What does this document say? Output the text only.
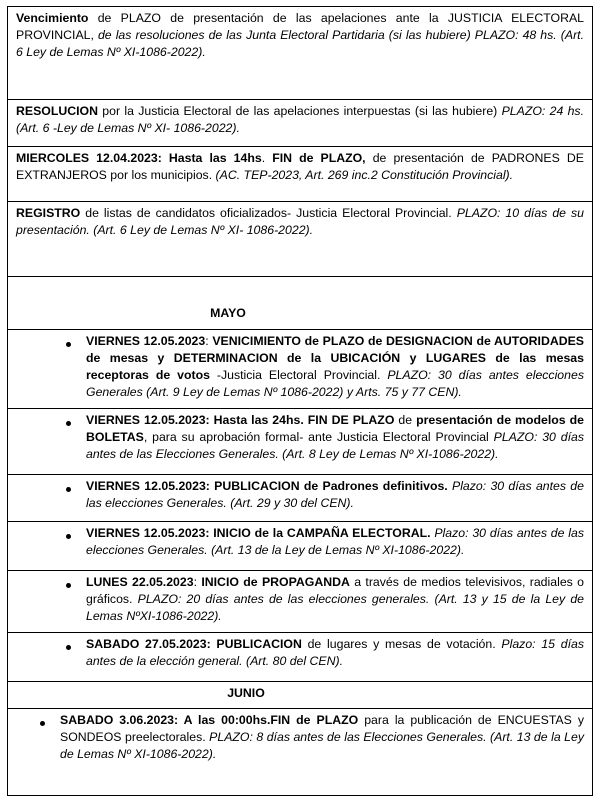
Vencimiento de PLAZO de presentación de las apelaciones ante la JUSTICIA ELECTORAL PROVINCIAL, de las resoluciones de las Junta Electoral Partidaria (si las hubiere) PLAZO: 48 hs. (Art. 6 Ley de Lemas Nº XI-1086-2022).
RESOLUCION por la Justicia Electoral de las apelaciones interpuestas (si las hubiere) PLAZO: 24 hs. (Art. 6 -Ley de Lemas Nº XI- 1086-2022).
MIERCOLES 12.04.2023: Hasta las 14hs. FIN de PLAZO, de presentación de PADRONES DE EXTRANJEROS por los municipios. (AC. TEP-2023, Art. 269 inc.2 Constitución Provincial).
REGISTRO de listas de candidatos oficializados- Justicia Electoral Provincial. PLAZO: 10 días de su presentación. (Art. 6 Ley de Lemas Nº XI- 1086-2022).
MAYO
VIERNES 12.05.2023: VENICIMIENTO de PLAZO de DESIGNACION de AUTORIDADES de mesas y DETERMINACION de la UBICACIÓN y LUGARES de las mesas receptoras de votos -Justicia Electoral Provincial. PLAZO: 30 días antes elecciones Generales (Art. 9 Ley de Lemas Nº 1086-2022) y Arts. 75 y 77 CEN).
VIERNES 12.05.2023: Hasta las 24hs. FIN DE PLAZO de presentación de modelos de BOLETAS, para su aprobación formal- ante Justicia Electoral Provincial PLAZO: 30 días antes de las Elecciones Generales. (Art. 8 Ley de Lemas Nº XI-1086-2022).
VIERNES 12.05.2023: PUBLICACION de Padrones definitivos. Plazo: 30 días antes de las elecciones Generales. (Art. 29 y 30 del CEN).
VIERNES 12.05.2023: INICIO de la CAMPAÑA ELECTORAL. Plazo: 30 días antes de las elecciones Generales. (Art. 13 de la Ley de Lemas Nº XI-1086-2022).
LUNES 22.05.2023: INICIO de PROPAGANDA a través de medios televisivos, radiales o gráficos. PLAZO: 20 días antes de las elecciones generales. (Art. 13 y 15 de la Ley de Lemas NºXI-1086-2022).
SABADO 27.05.2023: PUBLICACION de lugares y mesas de votación. Plazo: 15 días antes de la elección general. (Art. 80 del CEN).
JUNIO
SABADO 3.06.2023: A las 00:00hs.FIN de PLAZO para la publicación de ENCUESTAS y SONDEOS preelectorales. PLAZO: 8 días antes de las Elecciones Generales. (Art. 13 de la Ley de Lemas Nº XI-1086-2022).
